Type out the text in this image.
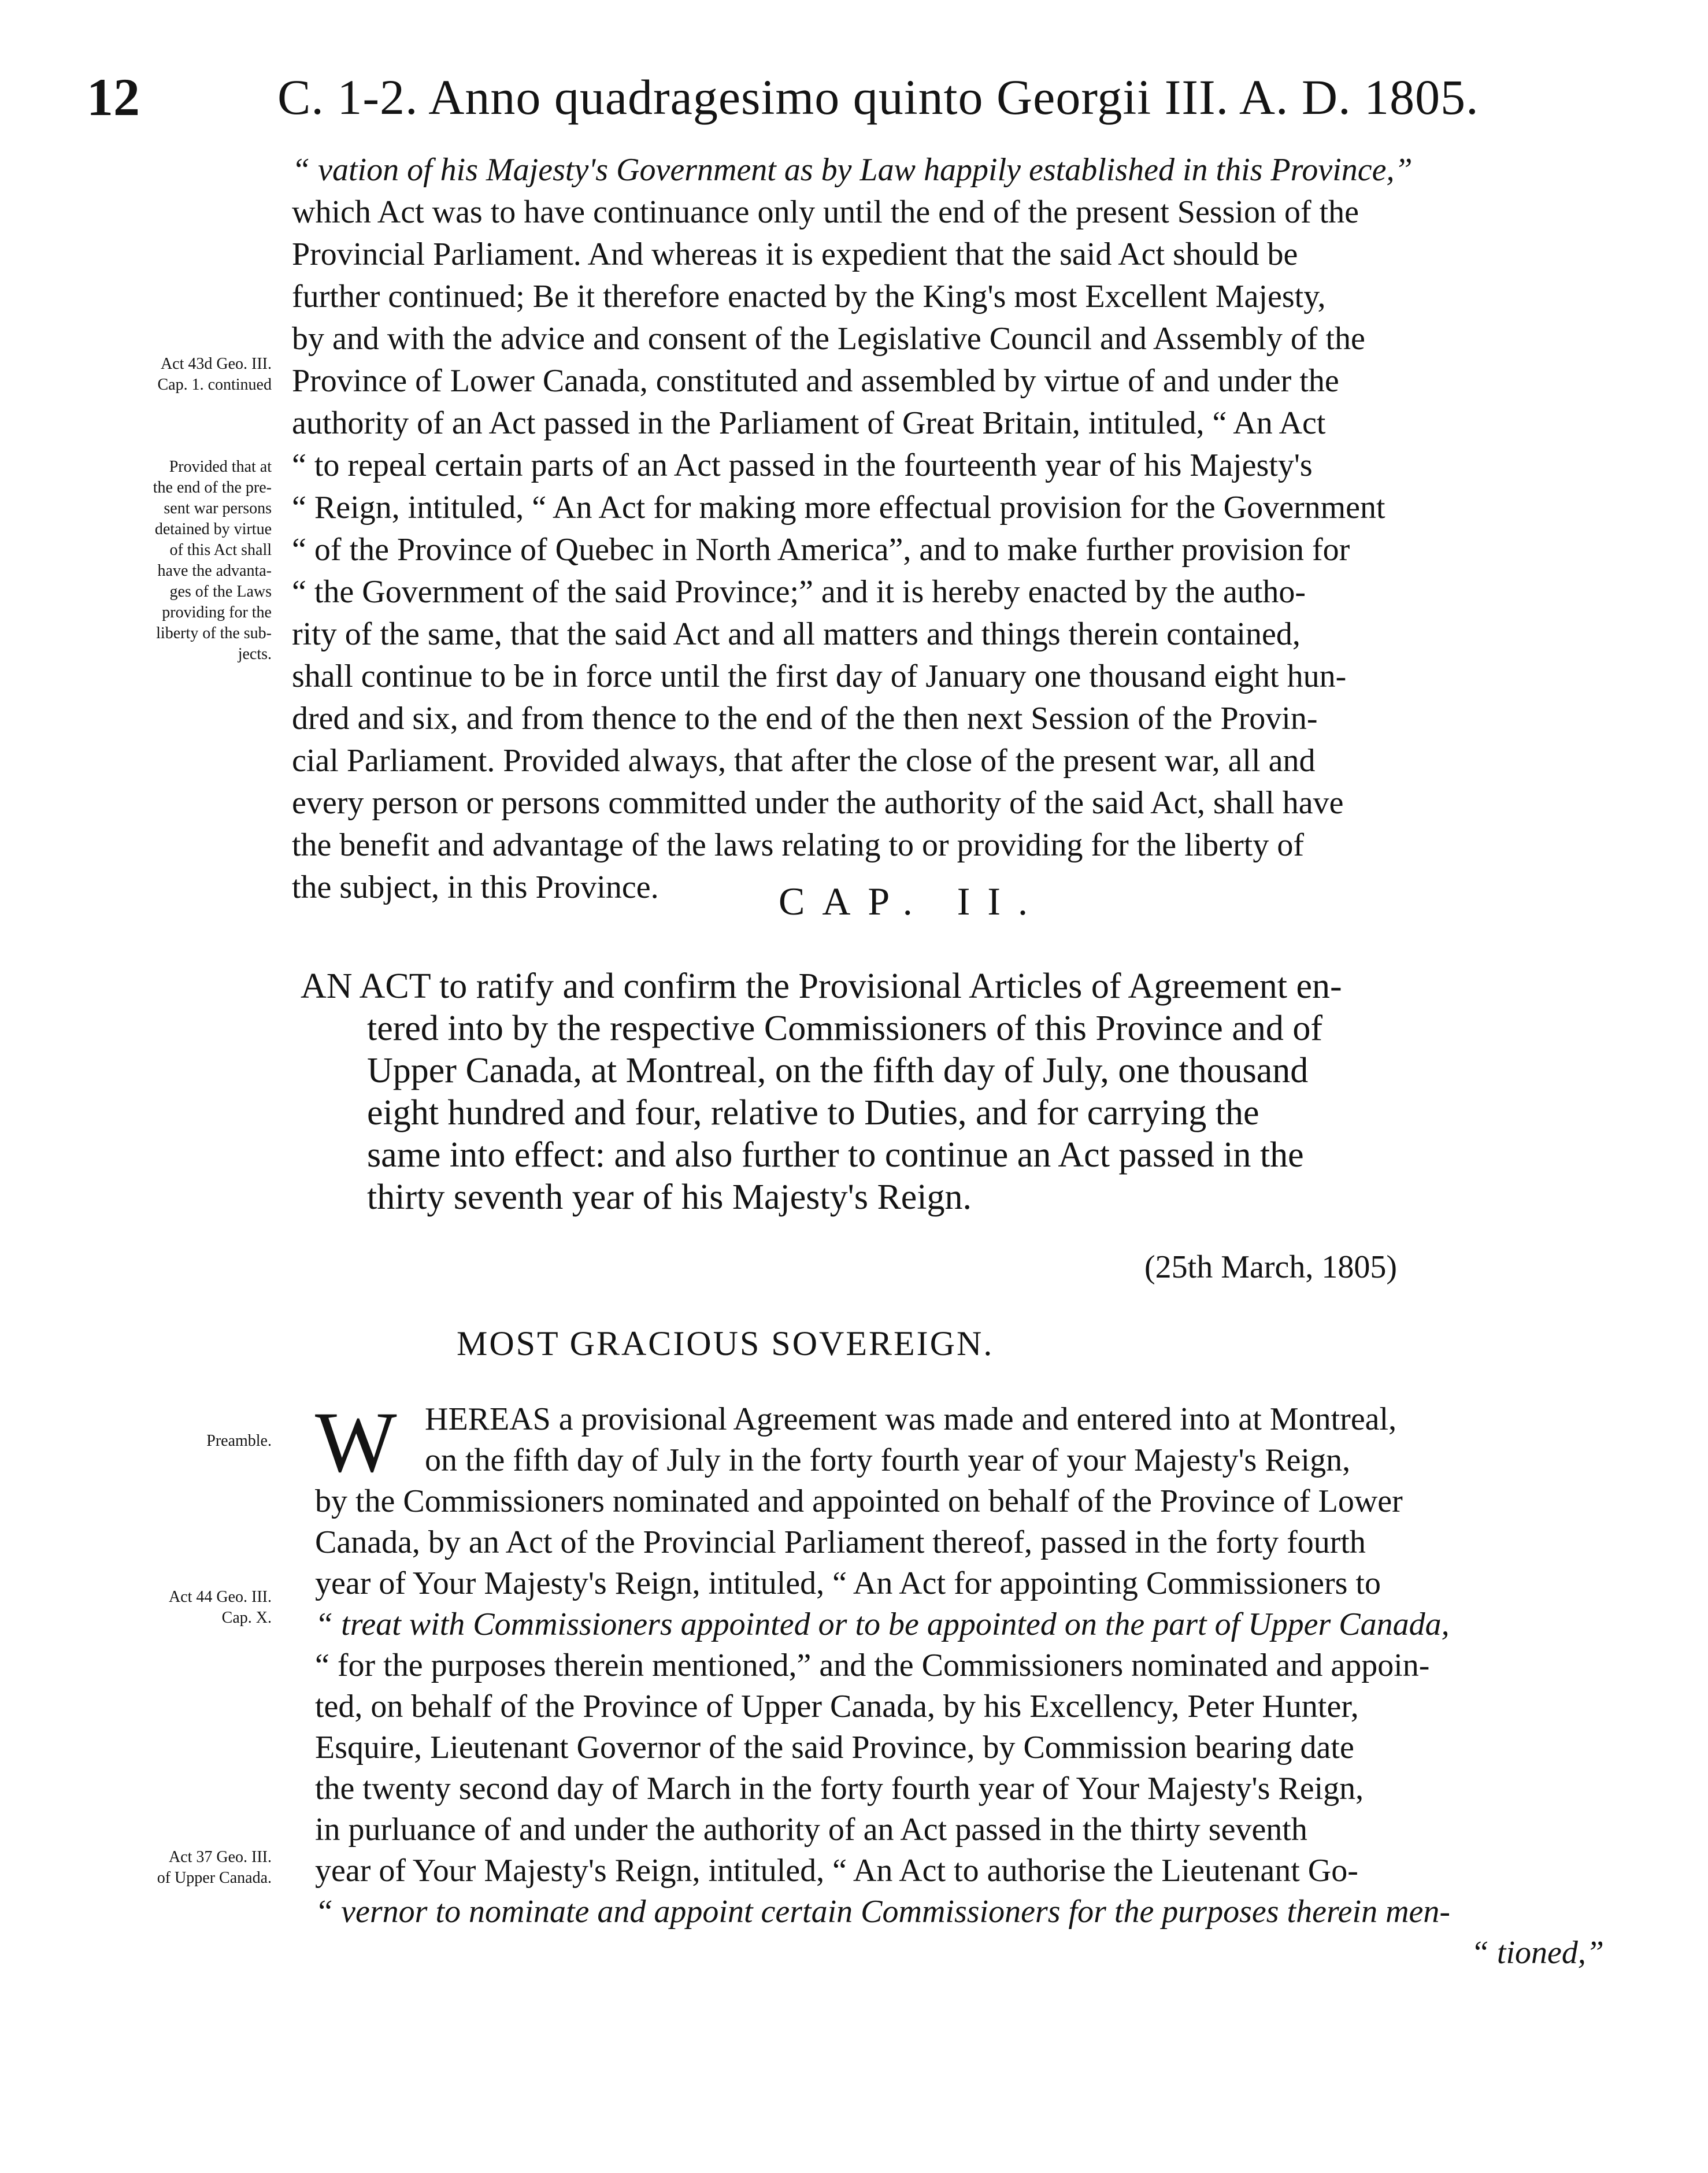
12	C. 1-2. Anno quadragesimo quinto Georgii III. A. D. 1805.
Act 43d Geo. III.
Cap. 1. continued
Provided that at
the end of the pre-
sent war persons
detained by virtue
of this Act shall
have the advanta-
ges of the Laws
providing for the
liberty of the sub-
jects.
Preamble.
Act 44 Geo. III.
Cap. X.
Act 37 Geo. III.
of Upper Canada.
“ vation of his Majesty's Government as by Law happily established in this Province,”
which Act was to have continuance only until the end of the present Session of the
Provincial Parliament. And whereas it is expedient that the said Act should be
further continued; Be it therefore enacted by the King's most Excellent Majesty,
by and with the advice and consent of the Legislative Council and Assembly of the
Province of Lower Canada, constituted and assembled by virtue of and under the
authority of an Act passed in the Parliament of Great Britain, intituled, “ An Act
“ to repeal certain parts of an Act passed in the fourteenth year of his Majesty's
“ Reign, intituled, “ An Act for making more effectual provision for the Government
“ of the Province of Quebec in North America”, and to make further provision for
“ the Government of the said Province;” and it is hereby enacted by the autho-
rity of the same, that the said Act and all matters and things therein contained,
shall continue to be in force until the first day of January one thousand eight hun-
dred and six, and from thence to the end of the then next Session of the Provin-
cial Parliament. Provided always, that after the close of the present war, all and
every person or persons committed under the authority of the said Act, shall have
the benefit and advantage of the laws relating to or providing for the liberty of
the subject, in this Province.	CAP. II.
AN ACT to ratify and confirm the Provisional Articles of Agreement en-
tered into by the respective Commissioners of this Province and of
Upper Canada, at Montreal, on the fifth day of July, one thousand
eight hundred and four, relative to Duties, and for carrying the
same into effect: and also further to continue an Act passed in the
thirty seventh year of his Majesty's Reign.
(25th March, 1805)
MOST GRACIOUS SOVEREIGN.
W HEREAS a provisional Agreement was made and entered into at Montreal,
on the fifth day of July in the forty fourth year of your Majesty's Reign,
by the Commissioners nominated and appointed on behalf of the Province of Lower
Canada, by an Act of the Provincial Parliament thereof, passed in the forty fourth
year of Your Majesty's Reign, intituled, “ An Act for appointing Commissioners to
“ treat with Commissioners appointed or to be appointed on the part of Upper Canada,
“ for the purposes therein mentioned,” and the Commissioners nominated and appoin-
ted, on behalf of the Province of Upper Canada, by his Excellency, Peter Hunter,
Esquire, Lieutenant Governor of the said Province, by Commission bearing date
the twenty second day of March in the forty fourth year of Your Majesty's Reign,
in purluance of and under the authority of an Act passed in the thirty seventh
year of Your Majesty's Reign, intituled, “ An Act to authorise the Lieutenant Go-
“ vernor to nominate and appoint certain Commissioners for the purposes therein men-
“ tioned,”
